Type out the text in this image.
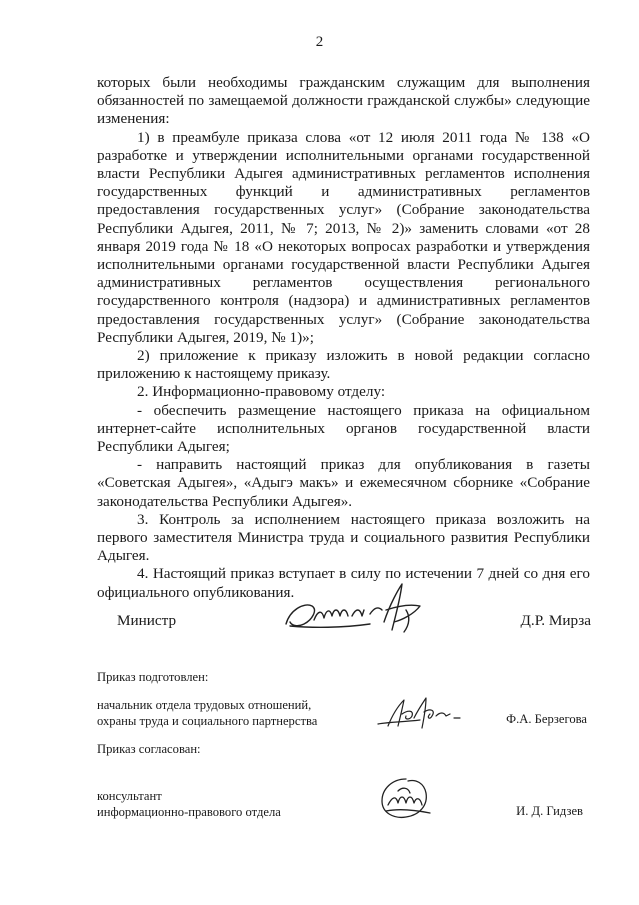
2

которых были необходимы гражданским служащим для выполнения обязанностей по замещаемой должности гражданской службы» следующие изменения:

1) в преамбуле приказа слова «от 12 июля 2011 года № 138 «О разработке и утверждении исполнительными органами государственной власти Республики Адыгея административных регламентов исполнения государственных функций и административных регламентов предоставления государственных услуг» (Собрание законодательства Республики Адыгея, 2011, № 7; 2013, № 2)» заменить словами «от 28 января 2019 года № 18 «О некоторых вопросах разработки и утверждения исполнительными органами государственной власти Республики Адыгея административных регламентов осуществления регионального государственного контроля (надзора) и административных регламентов предоставления государственных услуг» (Собрание законодательства Республики Адыгея, 2019, № 1)»;

2) приложение к приказу изложить в новой редакции согласно приложению к настоящему приказу.

2. Информационно-правовому отделу:

- обеспечить размещение настоящего приказа на официальном интернет-сайте исполнительных органов государственной власти Республики Адыгея;

- направить настоящий приказ для опубликования в газеты «Советская Адыгея», «Адыгэ макъ» и ежемесячном сборнике «Собрание законодательства Республики Адыгея».

3. Контроль за исполнением настоящего приказа возложить на первого заместителя Министра труда и социального развития Республики Адыгея.

4. Настоящий приказ вступает в силу по истечении 7 дней со дня его официального опубликования.

Министр	Д.Р. Мирза
Приказ подготовлен:
начальник отдела трудовых отношений,
охраны труда и социального партнерства	Ф.А. Берзегова
Приказ согласован:
консультант
информационно-правового отдела	И. Д. Гидзев
